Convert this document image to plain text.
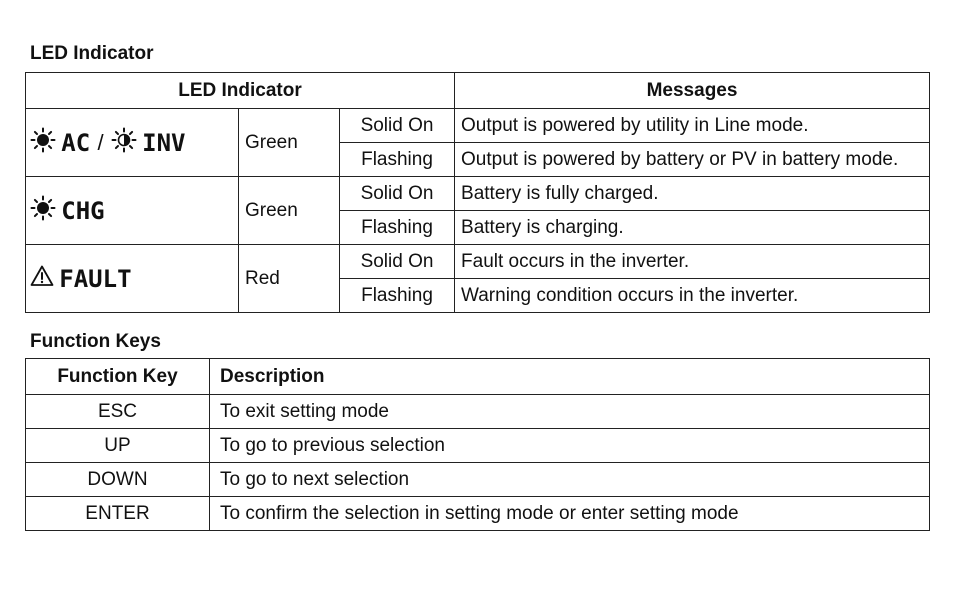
LED Indicator
LED Indicator			Messages
AC / INV	Green	Solid On	Output is powered by utility in Line mode.
		Flashing	Output is powered by battery or PV in battery mode.
CHG	Green	Solid On	Battery is fully charged.
		Flashing	Battery is charging.
FAULT	Red	Solid On	Fault occurs in the inverter.
		Flashing	Warning condition occurs in the inverter.
Function Keys
Function Key	Description
ESC	To exit setting mode
UP	To go to previous selection
DOWN	To go to next selection
ENTER	To confirm the selection in setting mode or enter setting mode
